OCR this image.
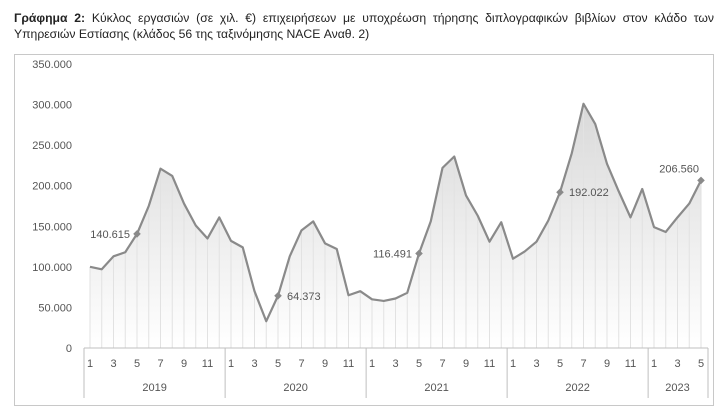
Γράφημα 2: Κύκλος εργασιών (σε χιλ. €) επιχειρήσεων με υποχρέωση τήρησης διπλογραφικών βιβλίων στον κλάδο των Υπηρεσιών Εστίασης (κλάδος 56 της ταξινόμησης NACE Αναθ. 2)
350.000
300.000
250.000
200.000
150.000
100.000
50.000
0
1 3 5 7 9 11
2019
1 3 5 7 9 11
2020
1 3 5 7 9 11
2021
1 3 5 7 9 11
2022
1 3 5
2023
140.615
64.373
116.491
192.022
206.560
